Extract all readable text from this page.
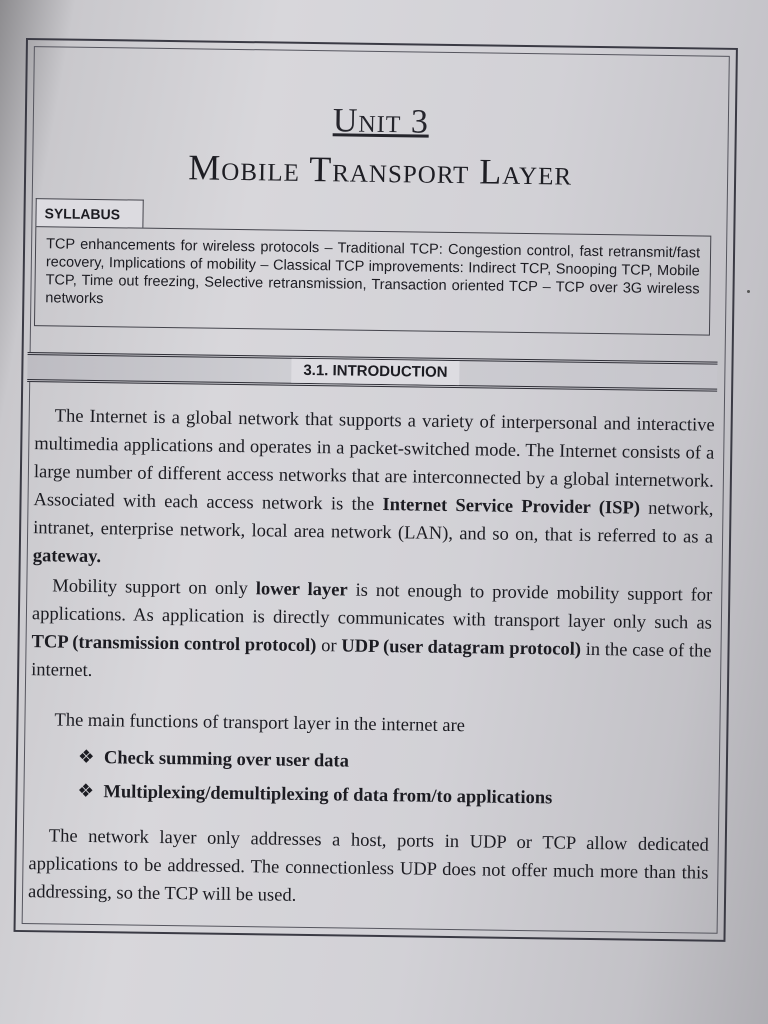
Unit 3
Mobile Transport Layer
SYLLABUS
TCP enhancements for wireless protocols – Traditional TCP: Congestion control, fast retransmit/fast recovery, Implications of mobility – Classical TCP improvements: Indirect TCP, Snooping TCP, Mobile TCP, Time out freezing, Selective retransmission, Transaction oriented TCP – TCP over 3G wireless networks
3.1. INTRODUCTION

The Internet is a global network that supports a variety of interpersonal and interactive multimedia applications and operates in a packet-switched mode. The Internet consists of a large number of different access networks that are interconnected by a global internetwork. Associated with each access network is the Internet Service Provider (ISP) network, intranet, enterprise network, local area network (LAN), and so on, that is referred to as a gateway.

Mobility support on only lower layer is not enough to provide mobility support for applications. As application is directly communicates with transport layer only such as TCP (transmission control protocol) or UDP (user datagram protocol) in the case of the internet.

The main functions of transport layer in the internet are

❖ Check summing over user data
❖ Multiplexing/demultiplexing of data from/to applications

The network layer only addresses a host, ports in UDP or TCP allow dedicated applications to be addressed. The connectionless UDP does not offer much more than this addressing, so the TCP will be used.
